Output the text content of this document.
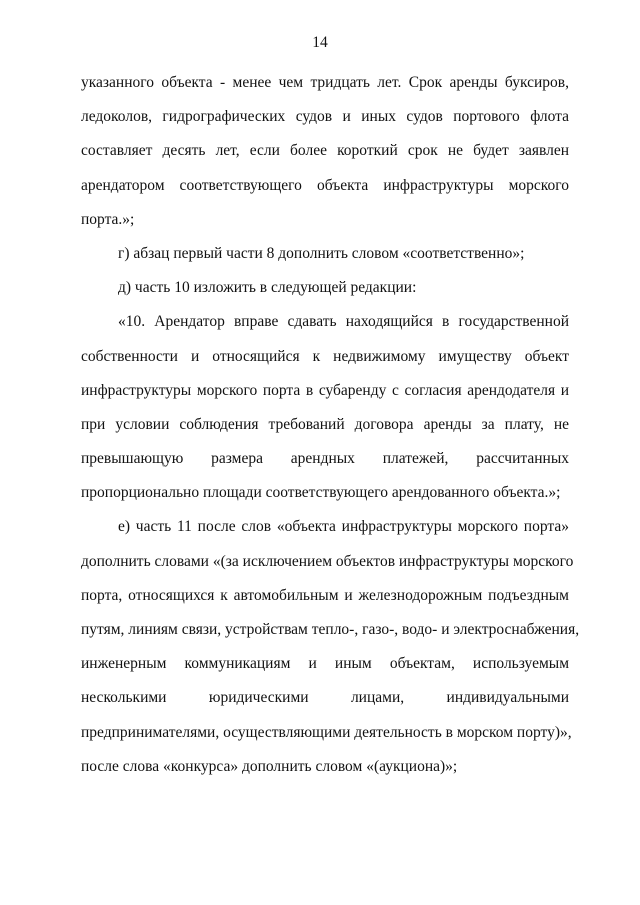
14
указанного объекта - менее чем тридцать лет. Срок аренды буксиров,
ледоколов, гидрографических судов и иных судов портового флота
составляет десять лет, если более короткий срок не будет заявлен
арендатором соответствующего объекта инфраструктуры морского
порта.»;
г) абзац первый части 8 дополнить словом «соответственно»;
д) часть 10 изложить в следующей редакции:
«10. Арендатор вправе сдавать находящийся в государственной
собственности и относящийся к недвижимому имуществу объект
инфраструктуры морского порта в субаренду с согласия арендодателя и
при условии соблюдения требований договора аренды за плату, не
превышающую размера арендных платежей, рассчитанных
пропорционально площади соответствующего арендованного объекта.»;
е) часть 11 после слов «объекта инфраструктуры морского порта»
дополнить словами «(за исключением объектов инфраструктуры морского
порта, относящихся к автомобильным и железнодорожным подъездным
путям, линиям связи, устройствам тепло-, газо-, водо- и электроснабжения,
инженерным коммуникациям и иным объектам, используемым
несколькими юридическими лицами, индивидуальными
предпринимателями, осуществляющими деятельность в морском порту)»,
после слова «конкурса» дополнить словом «(аукциона)»;
